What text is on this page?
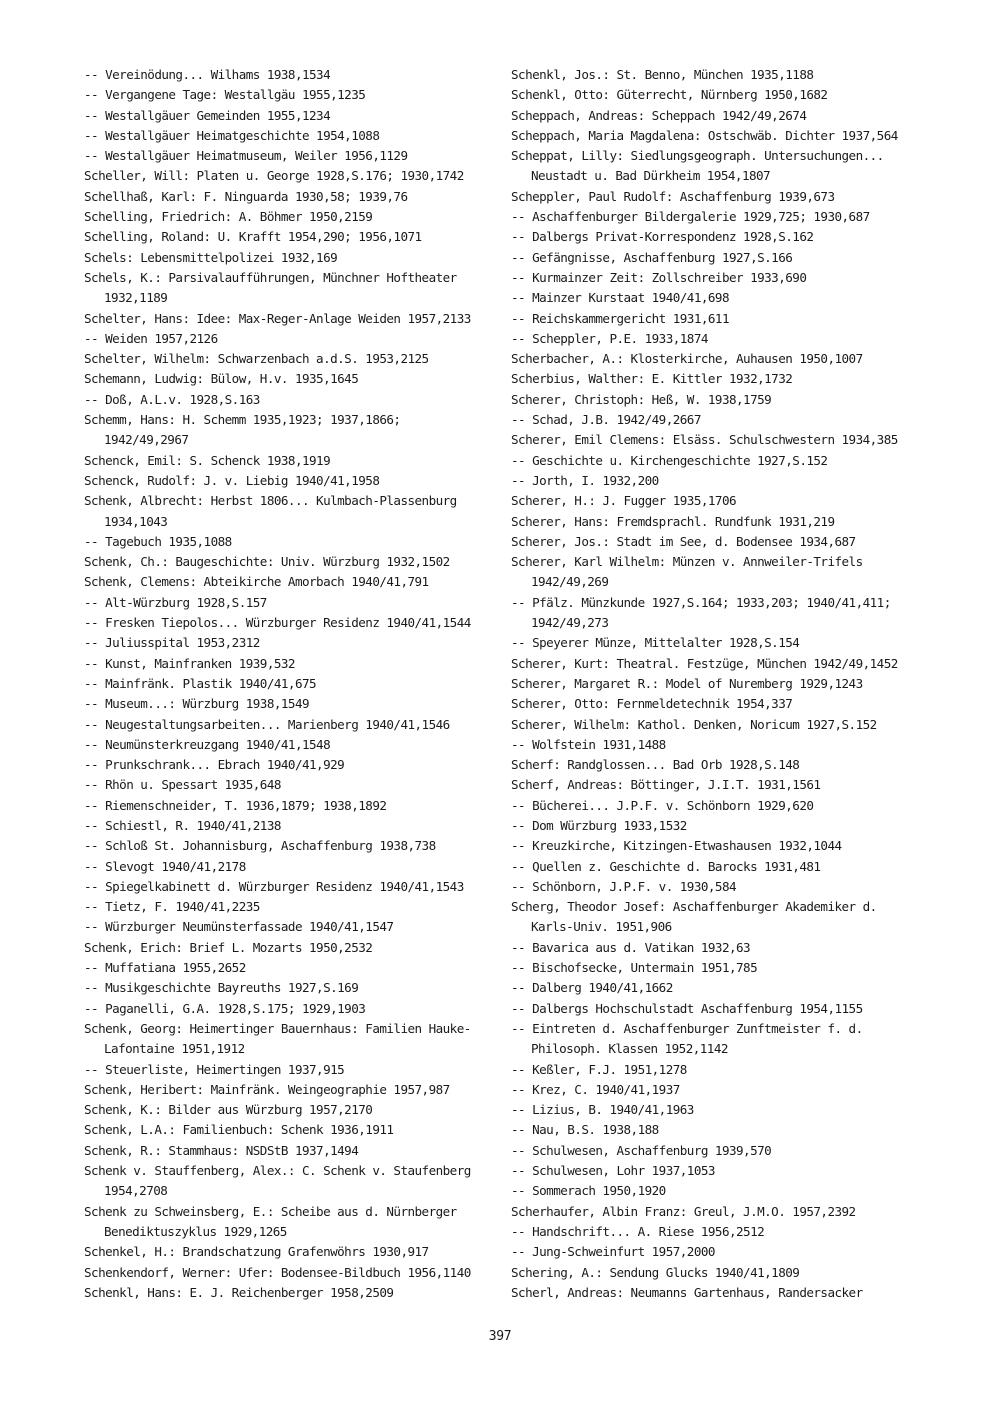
-- Vereinödung... Wilhams 1938,1534
-- Vergangene Tage: Westallgäu 1955,1235
-- Westallgäuer Gemeinden 1955,1234
-- Westallgäuer Heimatgeschichte 1954,1088
-- Westallgäuer Heimatmuseum, Weiler 1956,1129
Scheller, Will: Platen u. George 1928,S.176; 1930,1742
Schellhaß, Karl: F. Ninguarda 1930,58; 1939,76
Schelling, Friedrich: A. Böhmer 1950,2159
Schelling, Roland: U. Krafft 1954,290; 1956,1071
Schels: Lebensmittelpolizei 1932,169
Schels, K.: Parsivalaufführungen, Münchner Hoftheater 1932,1189
Schelter, Hans: Idee: Max-Reger-Anlage Weiden 1957,2133
-- Weiden 1957,2126
Schelter, Wilhelm: Schwarzenbach a.d.S. 1953,2125
Schemann, Ludwig: Bülow, H.v. 1935,1645
-- Doß, A.L.v. 1928,S.163
Schemm, Hans: H. Schemm 1935,1923; 1937,1866; 1942/49,2967
Schenck, Emil: S. Schenck 1938,1919
Schenck, Rudolf: J. v. Liebig 1940/41,1958
Schenk, Albrecht: Herbst 1806... Kulmbach-Plassenburg 1934,1043
-- Tagebuch 1935,1088
Schenk, Ch.: Baugeschichte: Univ. Würzburg 1932,1502
Schenk, Clemens: Abteikirche Amorbach 1940/41,791
-- Alt-Würzburg 1928,S.157
-- Fresken Tiepolos... Würzburger Residenz 1940/41,1544
-- Juliusspital 1953,2312
-- Kunst, Mainfranken 1939,532
-- Mainfränk. Plastik 1940/41,675
-- Museum...: Würzburg 1938,1549
-- Neugestaltungsarbeiten... Marienberg 1940/41,1546
-- Neumünsterkreuzgang 1940/41,1548
-- Prunkschrank... Ebrach 1940/41,929
-- Rhön u. Spessart 1935,648
-- Riemenschneider, T. 1936,1879; 1938,1892
-- Schiestl, R. 1940/41,2138
-- Schloß St. Johannisburg, Aschaffenburg 1938,738
-- Slevogt 1940/41,2178
-- Spiegelkabinett d. Würzburger Residenz 1940/41,1543
-- Tietz, F. 1940/41,2235
-- Würzburger Neumünsterfassade 1940/41,1547
Schenk, Erich: Brief L. Mozarts 1950,2532
-- Muffatiana 1955,2652
-- Musikgeschichte Bayreuths 1927,S.169
-- Paganelli, G.A. 1928,S.175; 1929,1903
Schenk, Georg: Heimertinger Bauernhaus: Familien Hauke-Lafontaine 1951,1912
-- Steuerliste, Heimertingen 1937,915
Schenk, Heribert: Mainfränk. Weingeographie 1957,987
Schenk, K.: Bilder aus Würzburg 1957,2170
Schenk, L.A.: Familienbuch: Schenk 1936,1911
Schenk, R.: Stammhaus: NSDStB 1937,1494
Schenk v. Stauffenberg, Alex.: C. Schenk v. Staufenberg 1954,2708
Schenk zu Schweinsberg, E.: Scheibe aus d. Nürnberger Benediktuszyklus 1929,1265
Schenkel, H.: Brandschatzung Grafenwöhrs 1930,917
Schenkendorf, Werner: Ufer: Bodensee-Bildbuch 1956,1140
Schenkl, Hans: E. J. Reichenberger 1958,2509
Schenkl, Jos.: St. Benno, München 1935,1188
Schenkl, Otto: Güterrecht, Nürnberg 1950,1682
Scheppach, Andreas: Scheppach 1942/49,2674
Scheppach, Maria Magdalena: Ostschwäb. Dichter 1937,564
Scheppat, Lilly: Siedlungsgeograph. Untersuchungen... Neustadt u. Bad Dürkheim 1954,1807
Scheppler, Paul Rudolf: Aschaffenburg 1939,673
-- Aschaffenburger Bildergalerie 1929,725; 1930,687
-- Dalbergs Privat-Korrespondenz 1928,S.162
-- Gefängnisse, Aschaffenburg 1927,S.166
-- Kurmainzer Zeit: Zollschreiber 1933,690
-- Mainzer Kurstaat 1940/41,698
-- Reichskammergericht 1931,611
-- Scheppler, P.E. 1933,1874
Scherbacher, A.: Klosterkirche, Auhausen 1950,1007
Scherbius, Walther: E. Kittler 1932,1732
Scherer, Christoph: Heß, W. 1938,1759
-- Schad, J.B. 1942/49,2667
Scherer, Emil Clemens: Elsäss. Schulschwestern 1934,385
-- Geschichte u. Kirchengeschichte 1927,S.152
-- Jorth, I. 1932,200
Scherer, H.: J. Fugger 1935,1706
Scherer, Hans: Fremdsprachl. Rundfunk 1931,219
Scherer, Jos.: Stadt im See, d. Bodensee 1934,687
Scherer, Karl Wilhelm: Münzen v. Annweiler-Trifels 1942/49,269
-- Pfälz. Münzkunde 1927,S.164; 1933,203; 1940/41,411; 1942/49,273
-- Speyerer Münze, Mittelalter 1928,S.154
Scherer, Kurt: Theatral. Festzüge, München 1942/49,1452
Scherer, Margaret R.: Model of Nuremberg 1929,1243
Scherer, Otto: Fernmeldetechnik 1954,337
Scherer, Wilhelm: Kathol. Denken, Noricum 1927,S.152
-- Wolfstein 1931,1488
Scherf: Randglossen... Bad Orb 1928,S.148
Scherf, Andreas: Böttinger, J.I.T. 1931,1561
-- Bücherei... J.P.F. v. Schönborn 1929,620
-- Dom Würzburg 1933,1532
-- Kreuzkirche, Kitzingen-Etwashausen 1932,1044
-- Quellen z. Geschichte d. Barocks 1931,481
-- Schönborn, J.P.F. v. 1930,584
Scherg, Theodor Josef: Aschaffenburger Akademiker d. Karls-Univ. 1951,906
-- Bavarica aus d. Vatikan 1932,63
-- Bischofsecke, Untermain 1951,785
-- Dalberg 1940/41,1662
-- Dalbergs Hochschulstadt Aschaffenburg 1954,1155
-- Eintreten d. Aschaffenburger Zunftmeister f. d. Philosoph. Klassen 1952,1142
-- Keßler, F.J. 1951,1278
-- Krez, C. 1940/41,1937
-- Lizius, B. 1940/41,1963
-- Nau, B.S. 1938,188
-- Schulwesen, Aschaffenburg 1939,570
-- Schulwesen, Lohr 1937,1053
-- Sommerach 1950,1920
Scherhaufer, Albin Franz: Greul, J.M.O. 1957,2392
-- Handschrift... A. Riese 1956,2512
-- Jung-Schweinfurt 1957,2000
Schering, A.: Sendung Glucks 1940/41,1809
Scherl, Andreas: Neumanns Gartenhaus, Randersacker
397
